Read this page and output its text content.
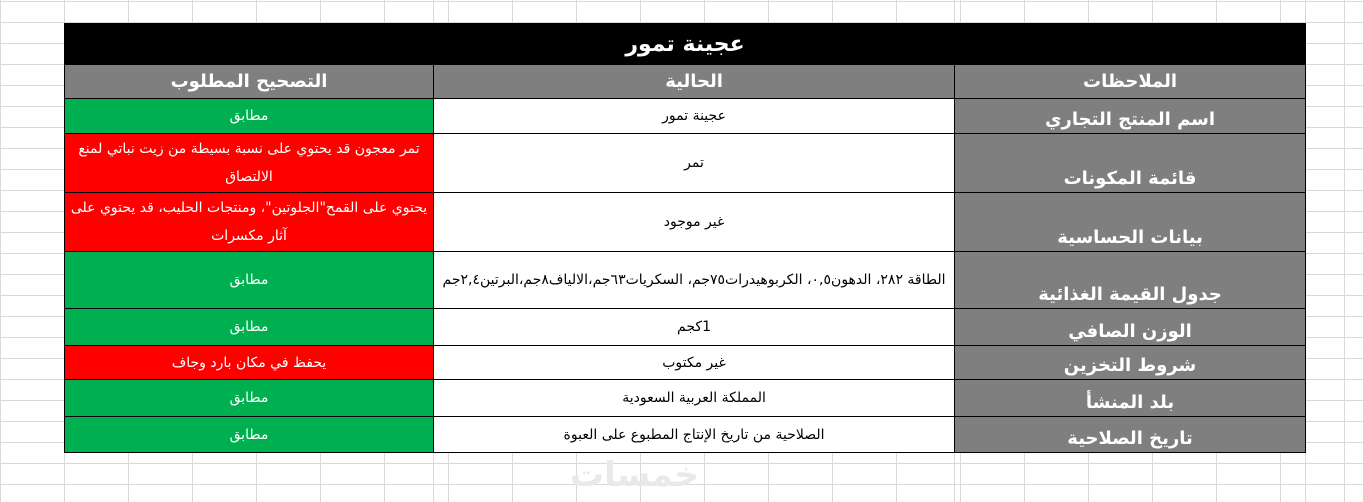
عجينة تمور		
الملاحظات	الحالية	التصحيح المطلوب
اسم المنتج التجاري	عجينة تمور	مطابق
قائمة المكونات	تمر	تمر معجون قد يحتوي على نسبة بسيطة من زيت نباتي لمنع الالتصاق
بيانات الحساسية	غير موجود	يحتوي على القمح"الجلوتين"، ومنتجات الحليب، قد يحتوي على آثار مكسرات
جدول القيمة الغذائية	الطاقة ٢٨٢، الدهون٠,٥، الكربوهيدرات٧٥جم، السكريات٦٣جم،الالياف٨جم،البرتين٢,٤جم	مطابق
الوزن الصافي	1كجم	مطابق
شروط التخزين	غير مكتوب	يحفظ في مكان بارد وجاف
بلد المنشأ	المملكة العربية السعودية	مطابق
تاريخ الصلاحية	الصلاحية من تاريخ الإنتاج المطبوع على العبوة	مطابق
خمسات
